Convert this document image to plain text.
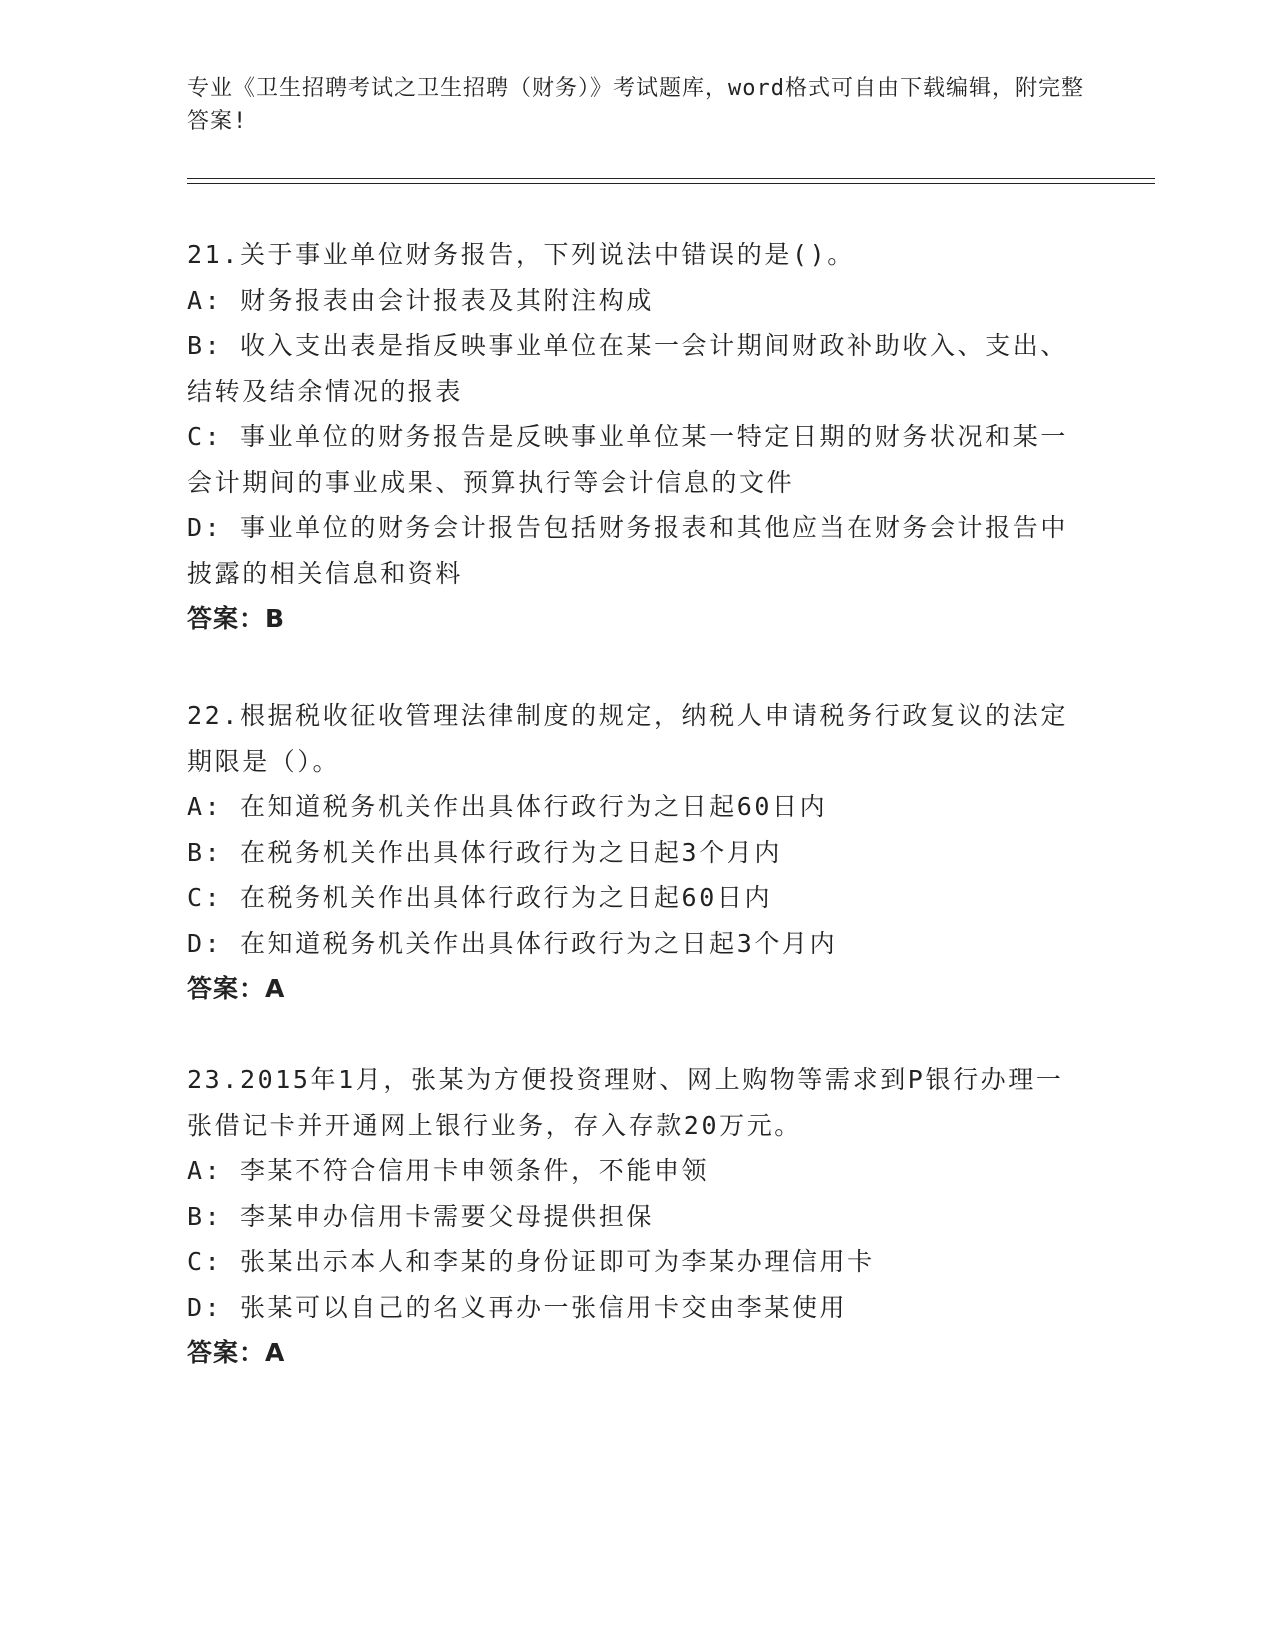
专业《卫生招聘考试之卫生招聘（财务）》考试题库，word格式可自由下载编辑，附完整答案!
21.关于事业单位财务报告，下列说法中错误的是()。
A: 财务报表由会计报表及其附注构成
B: 收入支出表是指反映事业单位在某一会计期间财政补助收入、支出、结转及结余情况的报表
C: 事业单位的财务报告是反映事业单位某一特定日期的财务状况和某一会计期间的事业成果、预算执行等会计信息的文件
D: 事业单位的财务会计报告包括财务报表和其他应当在财务会计报告中披露的相关信息和资料
答案：B
22.根据税收征收管理法律制度的规定，纳税人申请税务行政复议的法定期限是（）。
A: 在知道税务机关作出具体行政行为之日起60日内
B: 在税务机关作出具体行政行为之日起3个月内
C: 在税务机关作出具体行政行为之日起60日内
D: 在知道税务机关作出具体行政行为之日起3个月内
答案：A
23.2015年1月，张某为方便投资理财、网上购物等需求到P银行办理一张借记卡并开通网上银行业务，存入存款20万元。
A: 李某不符合信用卡申领条件，不能申领
B: 李某申办信用卡需要父母提供担保
C: 张某出示本人和李某的身份证即可为李某办理信用卡
D: 张某可以自己的名义再办一张信用卡交由李某使用
答案：A
